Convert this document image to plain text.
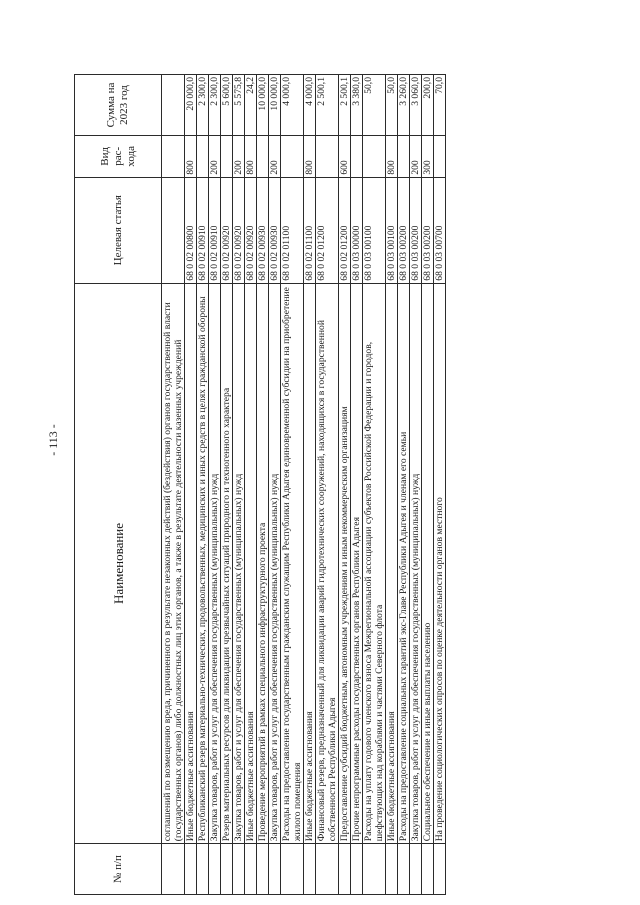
- 113 -
№ п/п	Наименование	Целевая статья	Вид рас- хода	Сумма на 2023 год
	соглашений по возмещению вреда, причиненного в результате незаконных действий (бездействия) органов государственной власти (государственных органов) либо должностных лиц этих органов, а также в результате деятельности казенных учреждений			
	Иные бюджетные ассигнования	68 0 02 00800	800	20 000,0
	Республиканский резерв материально-технических, продовольственных, медицинских и иных средств в целях гражданской обороны	68 0 02 00910		2 300,0
	Закупка товаров, работ и услуг для обеспечения государственных (муниципальных) нужд	68 0 02 00910	200	2 300,0
	Резерв материальных ресурсов для ликвидации чрезвычайных ситуаций природного и техногенного характера	68 0 02 00920		5 600,0
	Закупка товаров, работ и услуг для обеспечения государственных (муниципальных) нужд	68 0 02 00920	200	5 575,8
	Иные бюджетные ассигнования	68 0 02 00920	800	24,2
	Проведение мероприятий в рамках специального инфраструктурного проекта	68 0 02 00930		10 000,0
	Закупка товаров, работ и услуг для обеспечения государственных (муниципальных) нужд	68 0 02 00930	200	10 000,0
	Расходы на предоставление государственным гражданским служащим Республики Адыгея единовременной субсидии на приобретение жилого помещения	68 0 02 01100		4 000,0
	Иные бюджетные ассигнования	68 0 02 01100	800	4 000,0
	Финансовый резерв, предназначенный для ликвидации аварий гидротехнических сооружений, находящихся в государственной собственности Республики Адыгея	68 0 02 01200		2 500,1
	Предоставление субсидий бюджетным, автономным учреждениям и иным некоммерческим организациям	68 0 02 01200	600	2 500,1
	Прочие непрограммные расходы государственных органов Республики Адыгея	68 0 03 00000		3 380,0
	Расходы на уплату годового членского взноса Межрегиональной ассоциации субъектов Российской Федерации и городов, шефствующих над кораблями и частями Северного флота	68 0 03 00100		50,0
	Иные бюджетные ассигнования	68 0 03 00100	800	50,0
	Расходы на предоставление социальных гарантий экс-Главе Республики Адыгея и членам его семьи	68 0 03 00200		3 260,0
	Закупка товаров, работ и услуг для обеспечения государственных (муниципальных) нужд	68 0 03 00200	200	3 060,0
	Социальное обеспечение и иные выплаты населению	68 0 03 00200	300	200,0
	На проведение социологических опросов по оценке деятельности органов местного	68 0 03 00700		70,0
